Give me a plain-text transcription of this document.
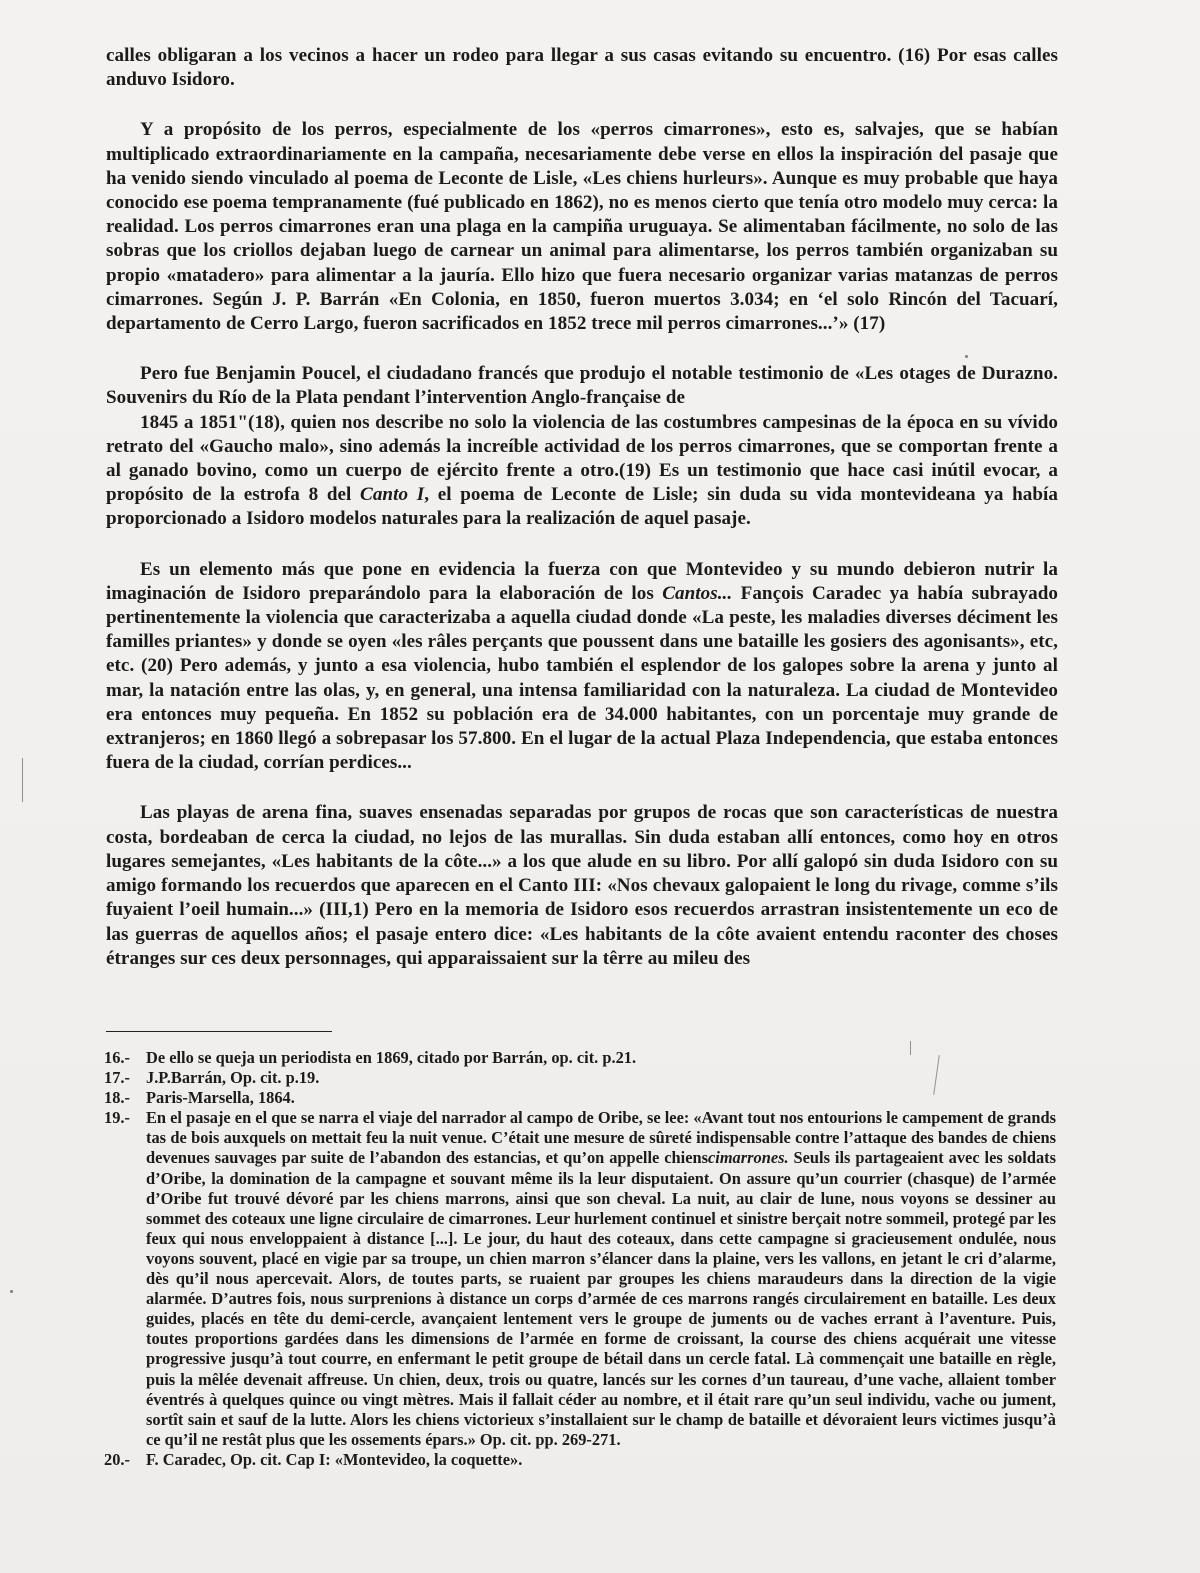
calles obligaran a los vecinos a hacer un rodeo para llegar a sus casas evitando su encuentro. (16) Por esas calles anduvo Isidoro.

Y a propósito de los perros, especialmente de los «perros cimarrones», esto es, salvajes, que se habían multiplicado extraordinariamente en la campaña, necesariamente debe verse en ellos la inspiración del pasaje que ha venido siendo vinculado al poema de Leconte de Lisle, «Les chiens hurleurs». Aunque es muy probable que haya conocido ese poema tempranamente (fué publicado en 1862), no es menos cierto que tenía otro modelo muy cerca: la realidad. Los perros cimarrones eran una plaga en la campiña uruguaya. Se alimentaban fácilmente, no solo de las sobras que los criollos dejaban luego de carnear un animal para alimentarse, los perros también organizaban su propio «matadero» para alimentar a la jauría. Ello hizo que fuera necesario organizar varias matanzas de perros cimarrones. Según J. P. Barrán «En Colonia, en 1850, fueron muertos 3.034; en ‘el solo Rincón del Tacuarí, departamento de Cerro Largo, fueron sacrificados en 1852 trece mil perros cimarrones...’» (17)

Pero fue Benjamin Poucel, el ciudadano francés que produjo el notable testimonio de «Les otages de Durazno. Souvenirs du Río de la Plata pendant l’intervention Anglo-française de
1845 a 1851"(18), quien nos describe no solo la violencia de las costumbres campesinas de la época en su vívido retrato del «Gaucho malo», sino además la increíble actividad de los perros cimarrones, que se comportan frente a al ganado bovino, como un cuerpo de ejército frente a otro.(19) Es un testimonio que hace casi inútil evocar, a propósito de la estrofa 8 del Canto I, el poema de Leconte de Lisle; sin duda su vida montevideana ya había proporcionado a Isidoro modelos naturales para la realización de aquel pasaje.

Es un elemento más que pone en evidencia la fuerza con que Montevideo y su mundo debieron nutrir la imaginación de Isidoro preparándolo para la elaboración de los Cantos... Fançois Caradec ya había subrayado pertinentemente la violencia que caracterizaba a aquella ciudad donde «La peste, les maladies diverses déciment les familles priantes» y donde se oyen «les râles perçants que poussent dans une bataille les gosiers des agonisants», etc, etc. (20) Pero además, y junto a esa violencia, hubo también el esplendor de los galopes sobre la arena y junto al mar, la natación entre las olas, y, en general, una intensa familiaridad con la naturaleza. La ciudad de Montevideo era entonces muy pequeña. En 1852 su población era de 34.000 habitantes, con un porcentaje muy grande de extranjeros; en 1860 llegó a sobrepasar los 57.800. En el lugar de la actual Plaza Independencia, que estaba entonces fuera de la ciudad, corrían perdices...

Las playas de arena fina, suaves ensenadas separadas por grupos de rocas que son características de nuestra costa, bordeaban de cerca la ciudad, no lejos de las murallas. Sin duda estaban allí entonces, como hoy en otros lugares semejantes, «Les habitants de la côte...» a los que alude en su libro. Por allí galopó sin duda Isidoro con su amigo formando los recuerdos que aparecen en el Canto III: «Nos chevaux galopaient le long du rivage, comme s’ils fuyaient l’oeil humain...» (III,1) Pero en la memoria de Isidoro esos recuerdos arrastran insistentemente un eco de las guerras de aquellos años; el pasaje entero dice: «Les habitants de la côte avaient entendu raconter des choses étranges sur ces deux personnages, qui apparaissaient sur la têrre au mileu des

16.- De ello se queja un periodista en 1869, citado por Barrán, op. cit. p.21.
17.- J.P.Barrán, Op. cit. p.19.
18.- Paris-Marsella, 1864.
19.- En el pasaje en el que se narra el viaje del narrador al campo de Oribe, se lee: «Avant tout nos entourions le campement de grands tas de bois auxquels on mettait feu la nuit venue. C’était une mesure de sûreté indispensable contre l’attaque des bandes de chiens devenues sauvages par suite de l’abandon des estancias, et qu’on appelle chienscimarrones. Seuls ils partageaient avec les soldats d’Oribe, la domination de la campagne et souvant même ils la leur disputaient. On assure qu’un courrier (chasque) de l’armée d’Oribe fut trouvé dévoré par les chiens marrons, ainsi que son cheval. La nuit, au clair de lune, nous voyons se dessiner au sommet des coteaux une ligne circulaire de cimarrones. Leur hurlement continuel et sinistre berçait notre sommeil, protegé par les feux qui nous enveloppaient à distance [...]. Le jour, du haut des coteaux, dans cette campagne si gracieusement ondulée, nous voyons souvent, placé en vigie par sa troupe, un chien marron s’élancer dans la plaine, vers les vallons, en jetant le cri d’alarme, dès qu’il nous apercevait. Alors, de toutes parts, se ruaient par groupes les chiens maraudeurs dans la direction de la vigie alarmée. D’autres fois, nous surprenions à distance un corps d’armée de ces marrons rangés circulairement en bataille. Les deux guides, placés en tête du demi-cercle, avançaient lentement vers le groupe de juments ou de vaches errant à l’aventure. Puis, toutes proportions gardées dans les dimensions de l’armée en forme de croissant, la course des chiens acquérait une vitesse progressive jusqu’à tout courre, en enfermant le petit groupe de bétail dans un cercle fatal. Là commençait une bataille en règle, puis la mêlée devenait affreuse. Un chien, deux, trois ou quatre, lancés sur les cornes d’un taureau, d’une vache, allaient tomber éventrés à quelques quince ou vingt mètres. Mais il fallait céder au nombre, et il était rare qu’un seul individu, vache ou jument, sortît sain et sauf de la lutte. Alors les chiens victorieux s’installaient sur le champ de bataille et dévoraient leurs victimes jusqu’à ce qu’il ne restât plus que les ossements épars.» Op. cit. pp. 269-271.
20.- F. Caradec, Op. cit. Cap I: «Montevideo, la coquette».
